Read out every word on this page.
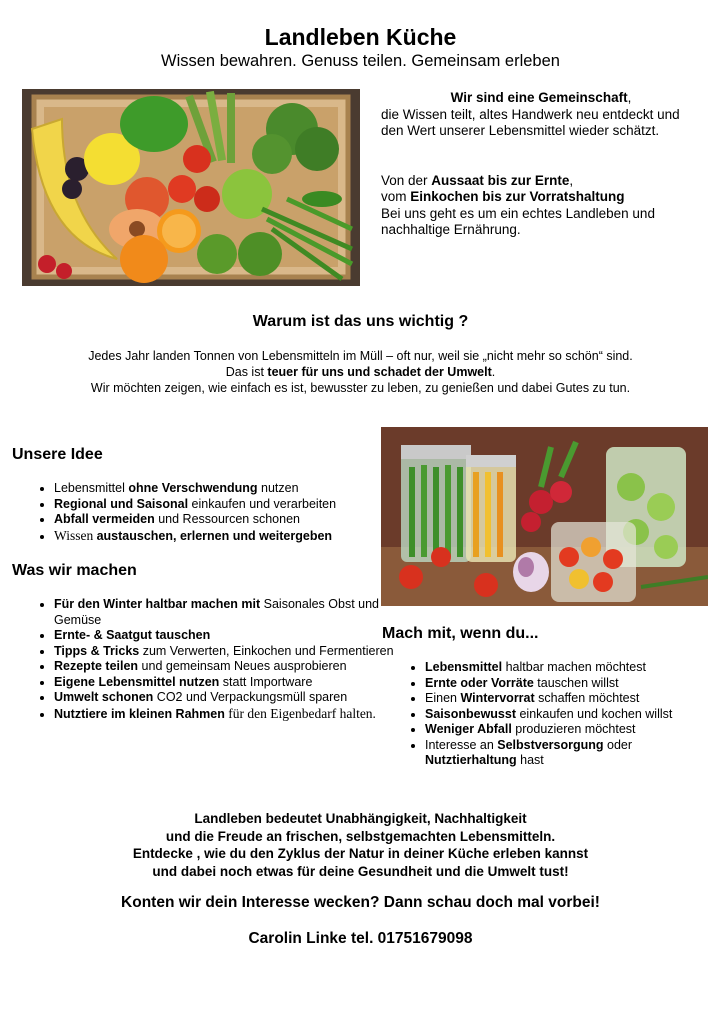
Landleben Küche
Wissen bewahren. Genuss teilen. Gemeinsam erleben

Wir sind eine Gemeinschaft,

die Wissen teilt, altes Handwerk neu entdeckt und den Wert unserer Lebensmittel wieder schätzt.

Von der Aussaat bis zur Ernte,

vom Einkochen bis zur Vorratshaltung

Bei uns geht es um ein echtes Landleben und nachhaltige Ernährung.

Warum ist das uns wichtig ?

Jedes Jahr landen Tonnen von Lebensmitteln im Müll – oft nur, weil sie „nicht mehr so schön“ sind.

Das ist teuer für uns und schadet der Umwelt.

Wir möchten zeigen, wie einfach es ist, bewusster zu leben, zu genießen und dabei Gutes zu tun.

Unsere Idee
• Lebensmittel ohne Verschwendung nutzen
• Regional und Saisonal einkaufen und verarbeiten
• Abfall vermeiden und Ressourcen schonen
• Wissen austauschen, erlernen und weitergeben
Was wir machen
• Für den Winter haltbar machen mit Saisonales Obst und Gemüse
• Ernte- & Saatgut tauschen
• Tipps & Tricks zum Verwerten, Einkochen und Fermentieren
• Rezepte teilen und gemeinsam Neues ausprobieren
• Eigene Lebensmittel nutzen statt Importware
• Umwelt schonen CO2 und Verpackungsmüll sparen
• Nutztiere im kleinen Rahmen für den Eigenbedarf halten.
Mach mit, wenn du...
• Lebensmittel haltbar machen möchtest
• Ernte oder Vorräte tauschen willst
• Einen Wintervorrat schaffen möchtest
• Saisonbewusst einkaufen und kochen willst
• Weniger Abfall produzieren möchtest
• Interesse an Selbstversorgung oder
Nutztierhaltung hast

Landleben bedeutet Unabhängigkeit, Nachhaltigkeit

und die Freude an frischen, selbstgemachten Lebensmitteln.

Entdecke , wie du den Zyklus der Natur in deiner Küche erleben kannst

und dabei noch etwas für deine Gesundheit und die Umwelt tust!

Konten wir dein Interesse wecken? Dann schau doch mal vorbei!
Carolin Linke tel. 01751679098
